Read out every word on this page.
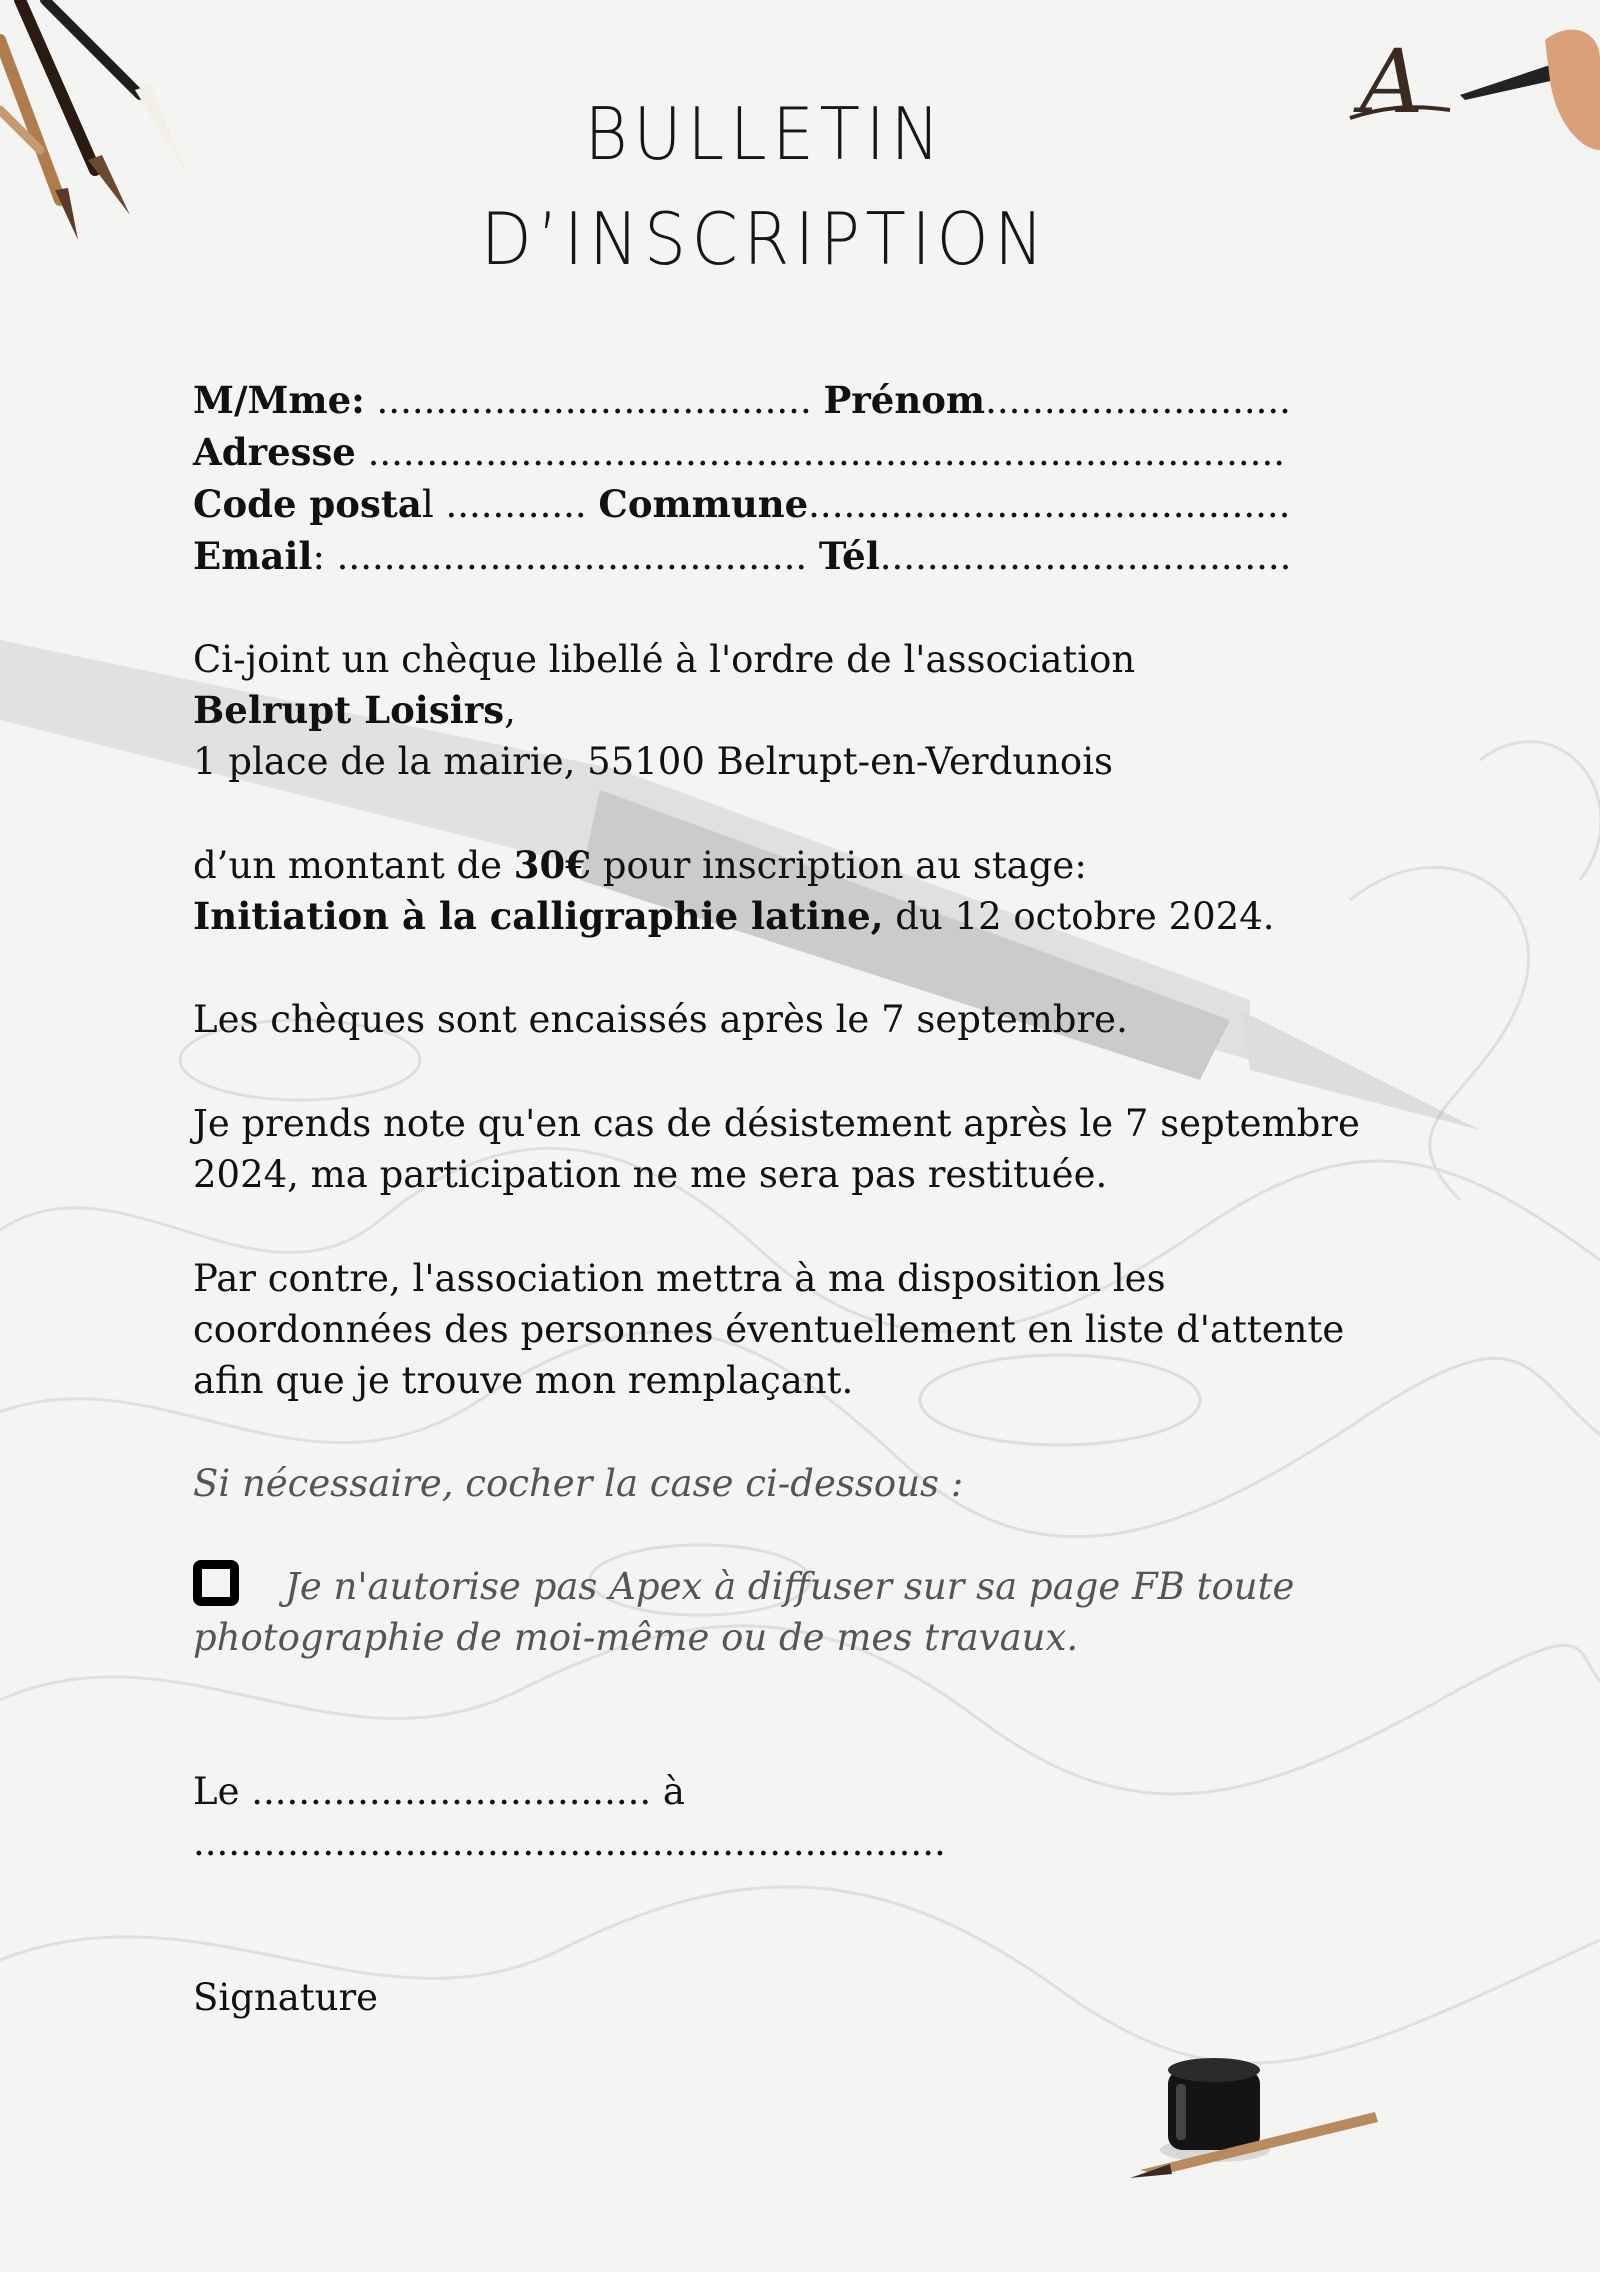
A
BULLETIN
D’INSCRIPTION
M/Mme: ..................................... Prénom..........................
Adresse ..............................................................................
Code postal ............ Commune.........................................
Email: ........................................ Tél...................................
Ci-joint un chèque libellé à l'ordre de l'association
Belrupt Loisirs,
1 place de la mairie, 55100 Belrupt-en-Verdunois
d’un montant de 30€ pour inscription au stage:
Initiation à la calligraphie latine, du 12 octobre 2024.
Les chèques sont encaissés après le 7 septembre.
Je prends note qu'en cas de désistement après le 7 septembre
2024, ma participation ne me sera pas restituée.
Par contre, l'association mettra à ma disposition les
coordonnées des personnes éventuellement en liste d'attente
afin que je trouve mon remplaçant.
Si nécessaire, cocher la case ci-dessous :
Je n'autorise pas Apex à diffuser sur sa page FB toute
photographie de moi-même ou de mes travaux.
Le .................................. à
................................................................
Signature
